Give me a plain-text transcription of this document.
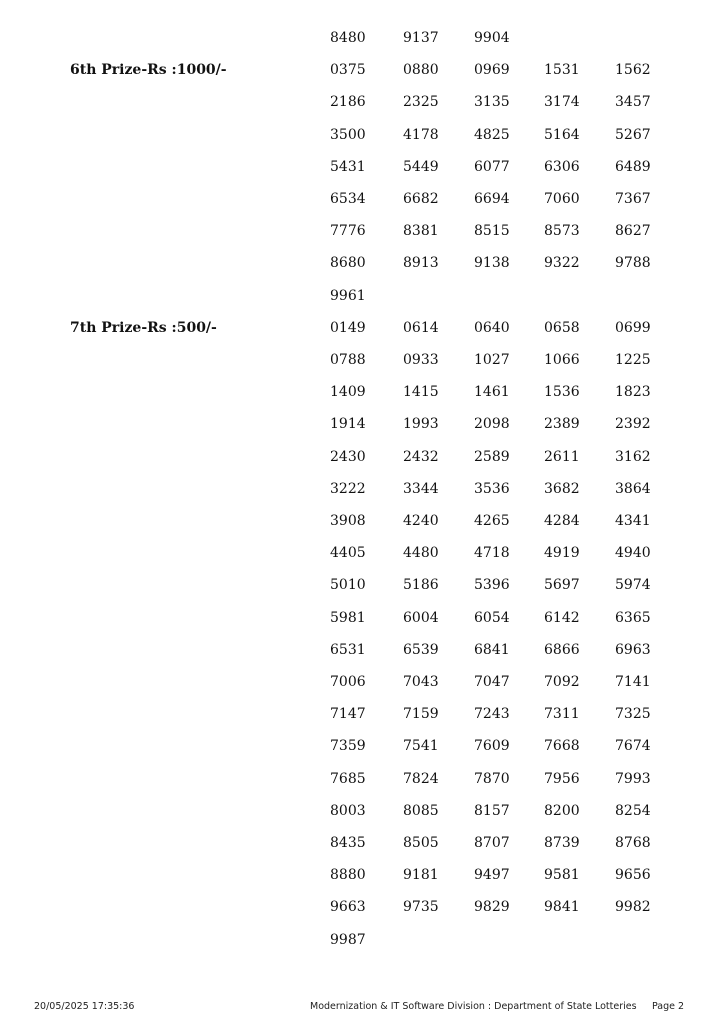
8480	9137	9904
6th Prize-Rs :1000/-	0375	0880	0969 1531	1562
2186	2325	3135 3174	3457
3500	4178	4825 5164	5267
5431	5449	6077 6306	6489
6534	6682	6694 7060	7367
7776	8381	8515 8573	8627
8680	8913	9138 9322	9788
9961
7th Prize-Rs :500/-	0149	0614	0640 0658	0699
0788	0933	1027 1066	1225
1409	1415	1461 1536	1823
1914	1993	2098 2389	2392
2430	2432	2589 2611	3162
3222	3344	3536 3682	3864
3908	4240	4265 4284	4341
4405	4480	4718 4919	4940
5010	5186	5396 5697	5974
5981	6004	6054 6142	6365
6531	6539	6841 6866	6963
7006	7043	7047 7092	7141
7147	7159	7243 7311	7325
7359	7541	7609 7668	7674
7685	7824	7870 7956	7993
8003	8085	8157 8200	8254
8435	8505	8707 8739	8768
8880	9181	9497 9581	9656
9663	9735	9829 9841	9982
9987
20/05/2025 17:35:36	Modernization & IT Software Division : Department of State Lotteries Page 2
